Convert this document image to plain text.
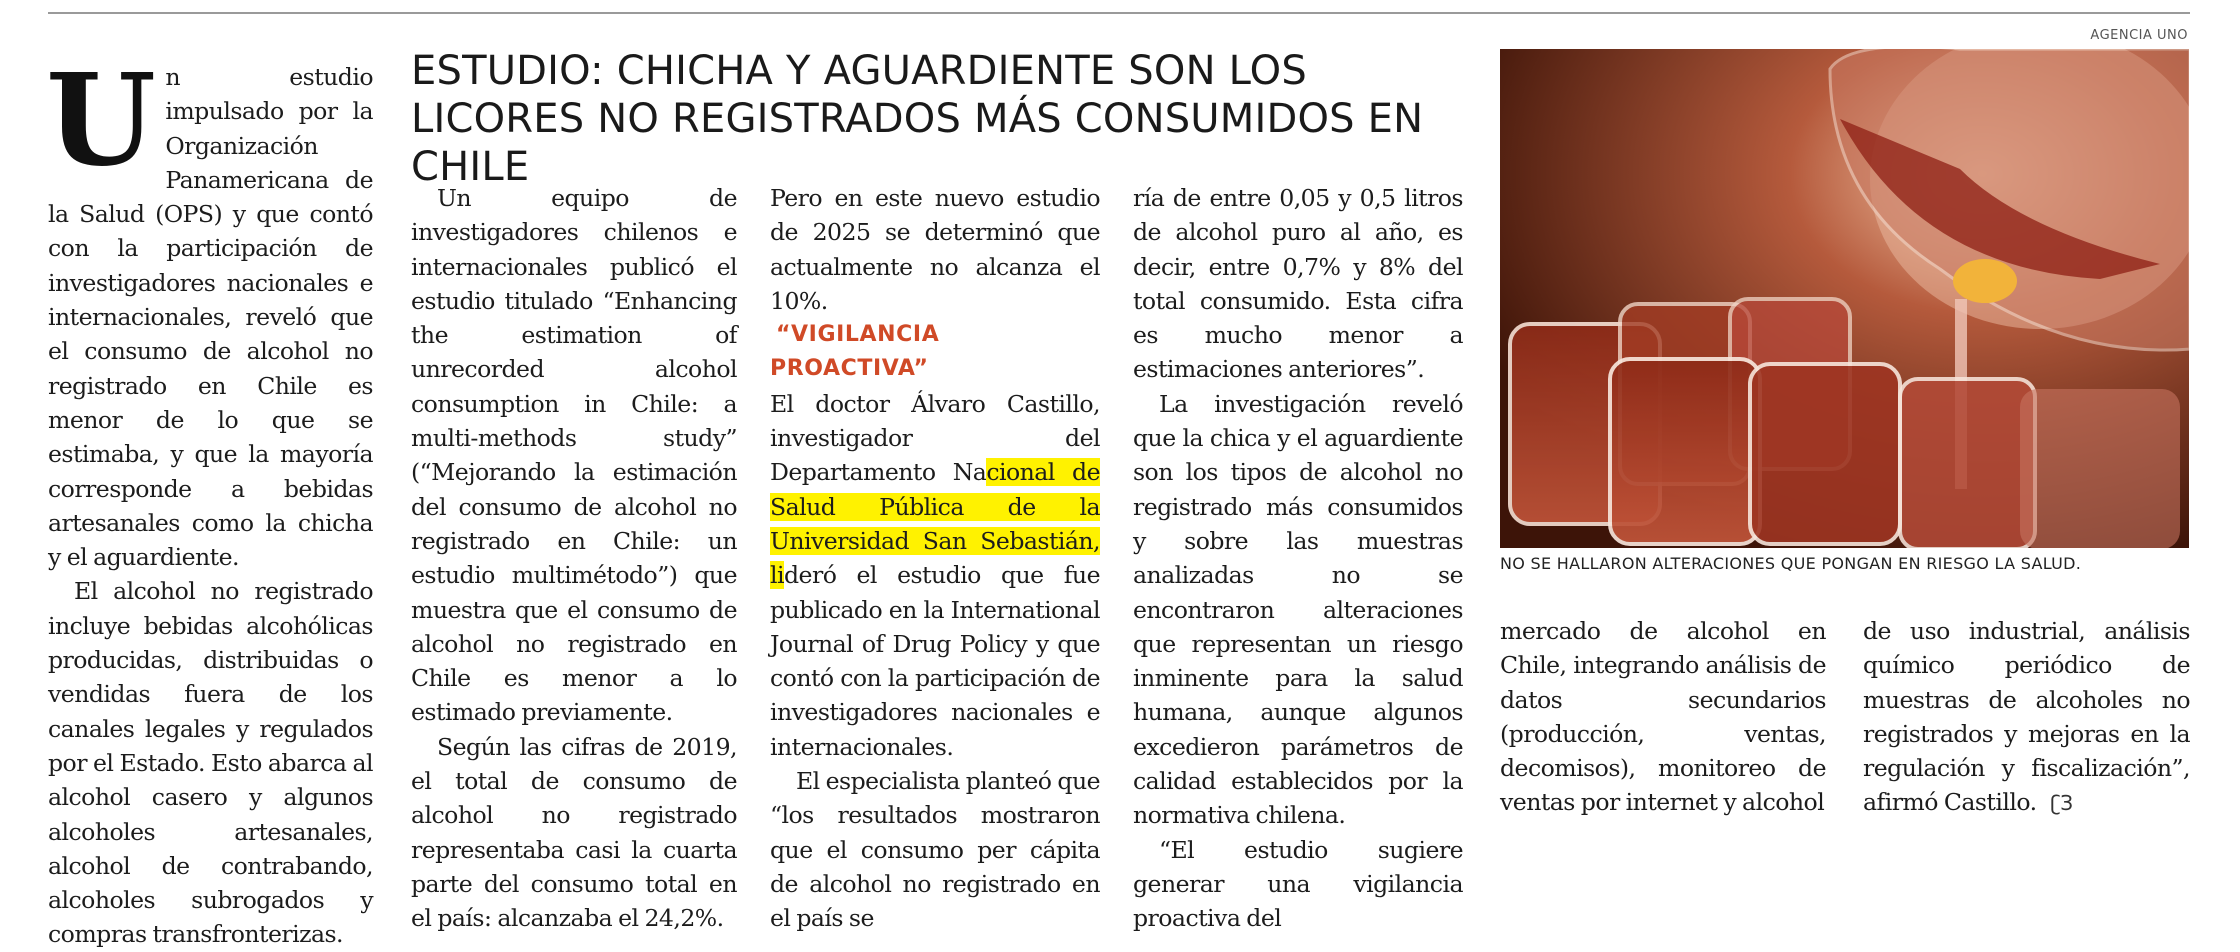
ESTUDIO: CHICHA Y AGUARDIENTE SON LOS LICORES NO REGISTRADOS MÁS CONSUMIDOS EN CHILE

Un estudio impulsado por la Organización Panamericana de la Salud (OPS) y que contó con la participación de investigadores nacionales e internacionales, reveló que el consumo de alcohol no registrado en Chile es menor de lo que se estimaba, y que la mayoría corresponde a bebidas artesanales como la chicha y el aguardiente.

El alcohol no registrado incluye bebidas alcohólicas producidas, distribuidas o vendidas fuera de los canales legales y regulados por el Estado. Esto abarca al alcohol casero y algunos alcoholes artesanales, alcohol de contrabando, alcoholes subrogados y compras transfronterizas.

Un equipo de investigadores chilenos e internacionales publicó el estudio titulado “Enhancing the estimation of unrecorded alcohol consumption in Chile: a multi-methods study” (“Mejorando la estimación del consumo de alcohol no registrado en Chile: un estudio multimétodo”) que muestra que el consumo de alcohol no registrado en Chile es menor a lo estimado previamente.

Según las cifras de 2019, el total de consumo de alcohol no registrado representaba casi la cuarta parte del consumo total en el país: alcanzaba el 24,2%.

Pero en este nuevo estudio de 2025 se determinó que actualmente no alcanza el 10%.

“VIGILANCIA PROACTIVA”

El doctor Álvaro Castillo, investigador del Departamento Nacional de Salud Pública de la Universidad San Sebastián, lideró el estudio que fue publicado en la International Journal of Drug Policy y que contó con la participación de investigadores nacionales e internacionales.

El especialista planteó que “los resultados mostraron que el consumo per cápita de alcohol no registrado en el país se

ría de entre 0,05 y 0,5 litros de alcohol puro al año, es decir, entre 0,7% y 8% del total consumido. Esta cifra es mucho menor a estimaciones anteriores”.

La investigación reveló que la chica y el aguardiente son los tipos de alcohol no registrado más consumidos y sobre las muestras analizadas no se encontraron alteraciones que representan un riesgo inminente para la salud humana, aunque algunos excedieron parámetros de calidad establecidos por la normativa chilena.

“El estudio sugiere generar una vigilancia proactiva del

AGENCIA UNO
NO SE HALLARON ALTERACIONES QUE PONGAN EN RIESGO LA SALUD.

mercado de alcohol en Chile, integrando análisis de datos secundarios (producción, ventas, decomisos), monitoreo de ventas por internet y alcohol

de uso industrial, análisis químico periódico de muestras de alcoholes no registrados y mejoras en la regulación y fiscalización”, afirmó Castillo. ʗЗ
